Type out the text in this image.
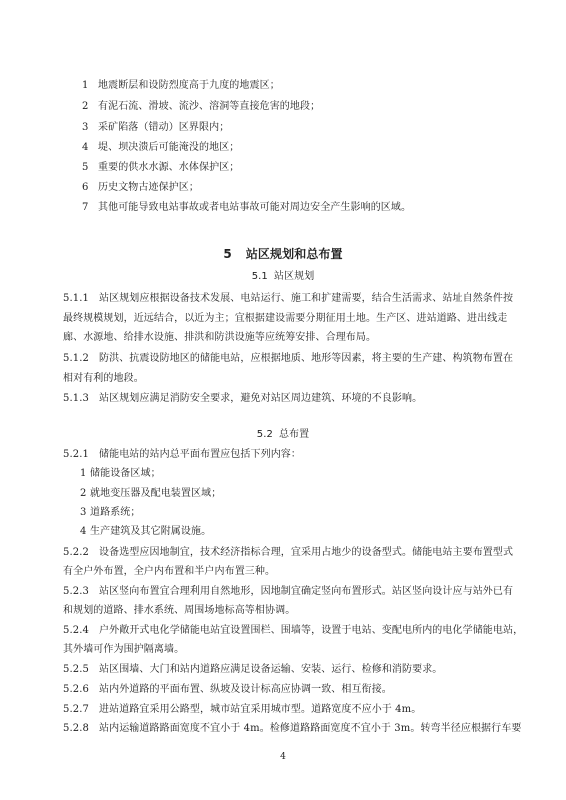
1 地震断层和设防烈度高于九度的地震区；
2 有泥石流、滑坡、流沙、溶洞等直接危害的地段；
3 采矿陷落（错动）区界限内；
4 堤、坝决溃后可能淹没的地区；
5 重要的供水水源、水体保护区；
6 历史文物古迹保护区；
7 其他可能导致电站事故或者电站事故可能对周边安全产生影响的区域。
5 站区规划和总布置
5.1 站区规划
5.1.1 站区规划应根据设备技术发展、电站运行、施工和扩建需要，结合生活需求、站址自然条件按
最终规模规划，近远结合，以近为主；宜根据建设需要分期征用土地。生产区、进站道路、进出线走
廊、水源地、给排水设施、排洪和防洪设施等应统筹安排、合理布局。
5.1.2 防洪、抗震设防地区的储能电站，应根据地质、地形等因素，将主要的生产建、构筑物布置在
相对有利的地段。
5.1.3 站区规划应满足消防安全要求，避免对站区周边建筑、环境的不良影响。
5.2 总布置
5.2.1 储能电站的站内总平面布置应包括下列内容：
1 储能设备区域；
2 就地变压器及配电装置区域；
3 道路系统；
4 生产建筑及其它附属设施。
5.2.2 设备选型应因地制宜，技术经济指标合理，宜采用占地少的设备型式。储能电站主要布置型式
有全户外布置，全户内布置和半户内布置三种。
5.2.3 站区竖向布置宜合理利用自然地形，因地制宜确定竖向布置形式。站区竖向设计应与站外已有
和规划的道路、排水系统、周围场地标高等相协调。
5.2.4 户外敞开式电化学储能电站宜设置围栏、围墙等，设置于电站、变配电所内的电化学储能电站，
其外墙可作为围护隔离墙。
5.2.5 站区围墙、大门和站内道路应满足设备运输、安装、运行、检修和消防要求。
5.2.6 站内外道路的平面布置、纵坡及设计标高应协调一致、相互衔接。
5.2.7 进站道路宜采用公路型，城市站宜采用城市型。道路宽度不应小于 4m。
5.2.8 站内运输道路路面宽度不宜小于 4m。检修道路路面宽度不宜小于 3m。转弯半径应根据行车要
4
